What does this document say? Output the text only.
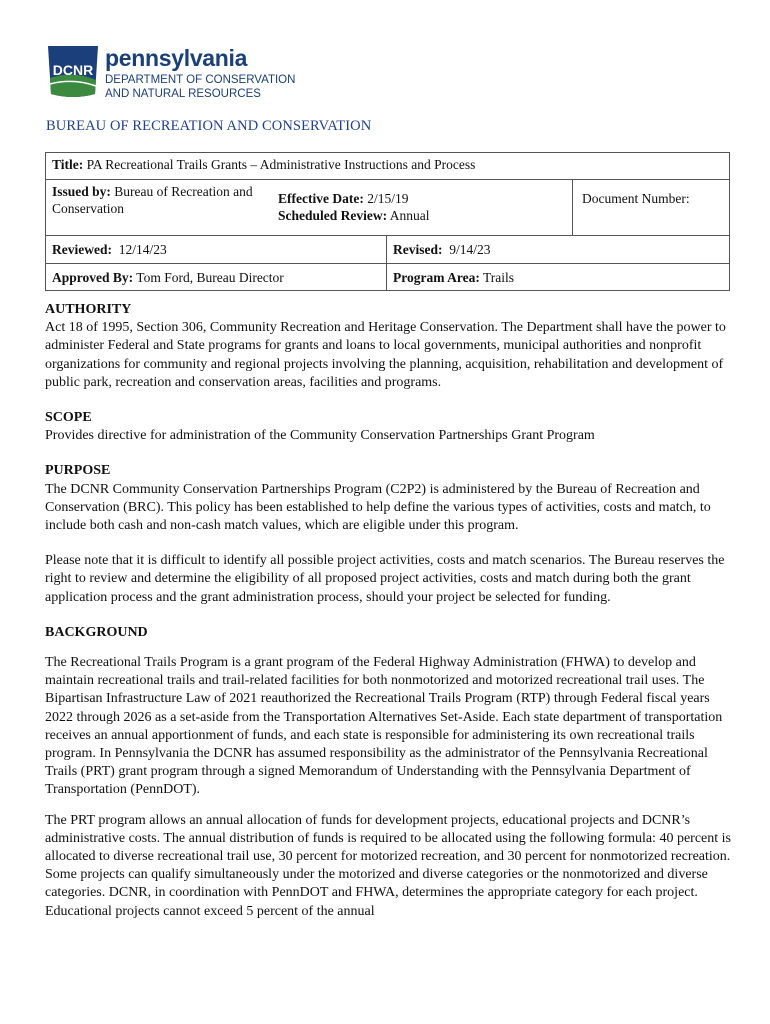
DCNR pennsylvania
DEPARTMENT OF CONSERVATION
AND NATURAL RESOURCES
BUREAU OF RECREATION AND CONSERVATION
Title: PA Recreational Trails Grants – Administrative Instructions and Process
Issued by: Bureau of Recreation and Conservation
Effective Date: 2/15/19
Scheduled Review: Annual
Document Number:
Reviewed: 12/14/23	Revised: 9/14/23
Approved By: Tom Ford, Bureau Director	Program Area: Trails
AUTHORITY

Act 18 of 1995, Section 306, Community Recreation and Heritage Conservation. The Department shall have the power to administer Federal and State programs for grants and loans to local governments, municipal authorities and nonprofit organizations for community and regional projects involving the planning, acquisition, rehabilitation and development of public park, recreation and conservation areas, facilities and programs.

SCOPE

Provides directive for administration of the Community Conservation Partnerships Grant Program

PURPOSE

The DCNR Community Conservation Partnerships Program (C2P2) is administered by the Bureau of Recreation and Conservation (BRC). This policy has been established to help define the various types of activities, costs and match, to include both cash and non-cash match values, which are eligible under this program.

Please note that it is difficult to identify all possible project activities, costs and match scenarios. The Bureau reserves the right to review and determine the eligibility of all proposed project activities, costs and match during both the grant application process and the grant administration process, should your project be selected for funding.

BACKGROUND

The Recreational Trails Program is a grant program of the Federal Highway Administration (FHWA) to develop and maintain recreational trails and trail-related facilities for both nonmotorized and motorized recreational trail uses. The Bipartisan Infrastructure Law of 2021 reauthorized the Recreational Trails Program (RTP) through Federal fiscal years 2022 through 2026 as a set-aside from the Transportation Alternatives Set-Aside. Each state department of transportation receives an annual apportionment of funds, and each state is responsible for administering its own recreational trails program. In Pennsylvania the DCNR has assumed responsibility as the administrator of the Pennsylvania Recreational Trails (PRT) grant program through a signed Memorandum of Understanding with the Pennsylvania Department of Transportation (PennDOT).

The PRT program allows an annual allocation of funds for development projects, educational projects and DCNR’s administrative costs. The annual distribution of funds is required to be allocated using the following formula: 40 percent is allocated to diverse recreational trail use, 30 percent for motorized recreation, and 30 percent for nonmotorized recreation. Some projects can qualify simultaneously under the motorized and diverse categories or the nonmotorized and diverse categories. DCNR, in coordination with PennDOT and FHWA, determines the appropriate category for each project. Educational projects cannot exceed 5 percent of the annual
